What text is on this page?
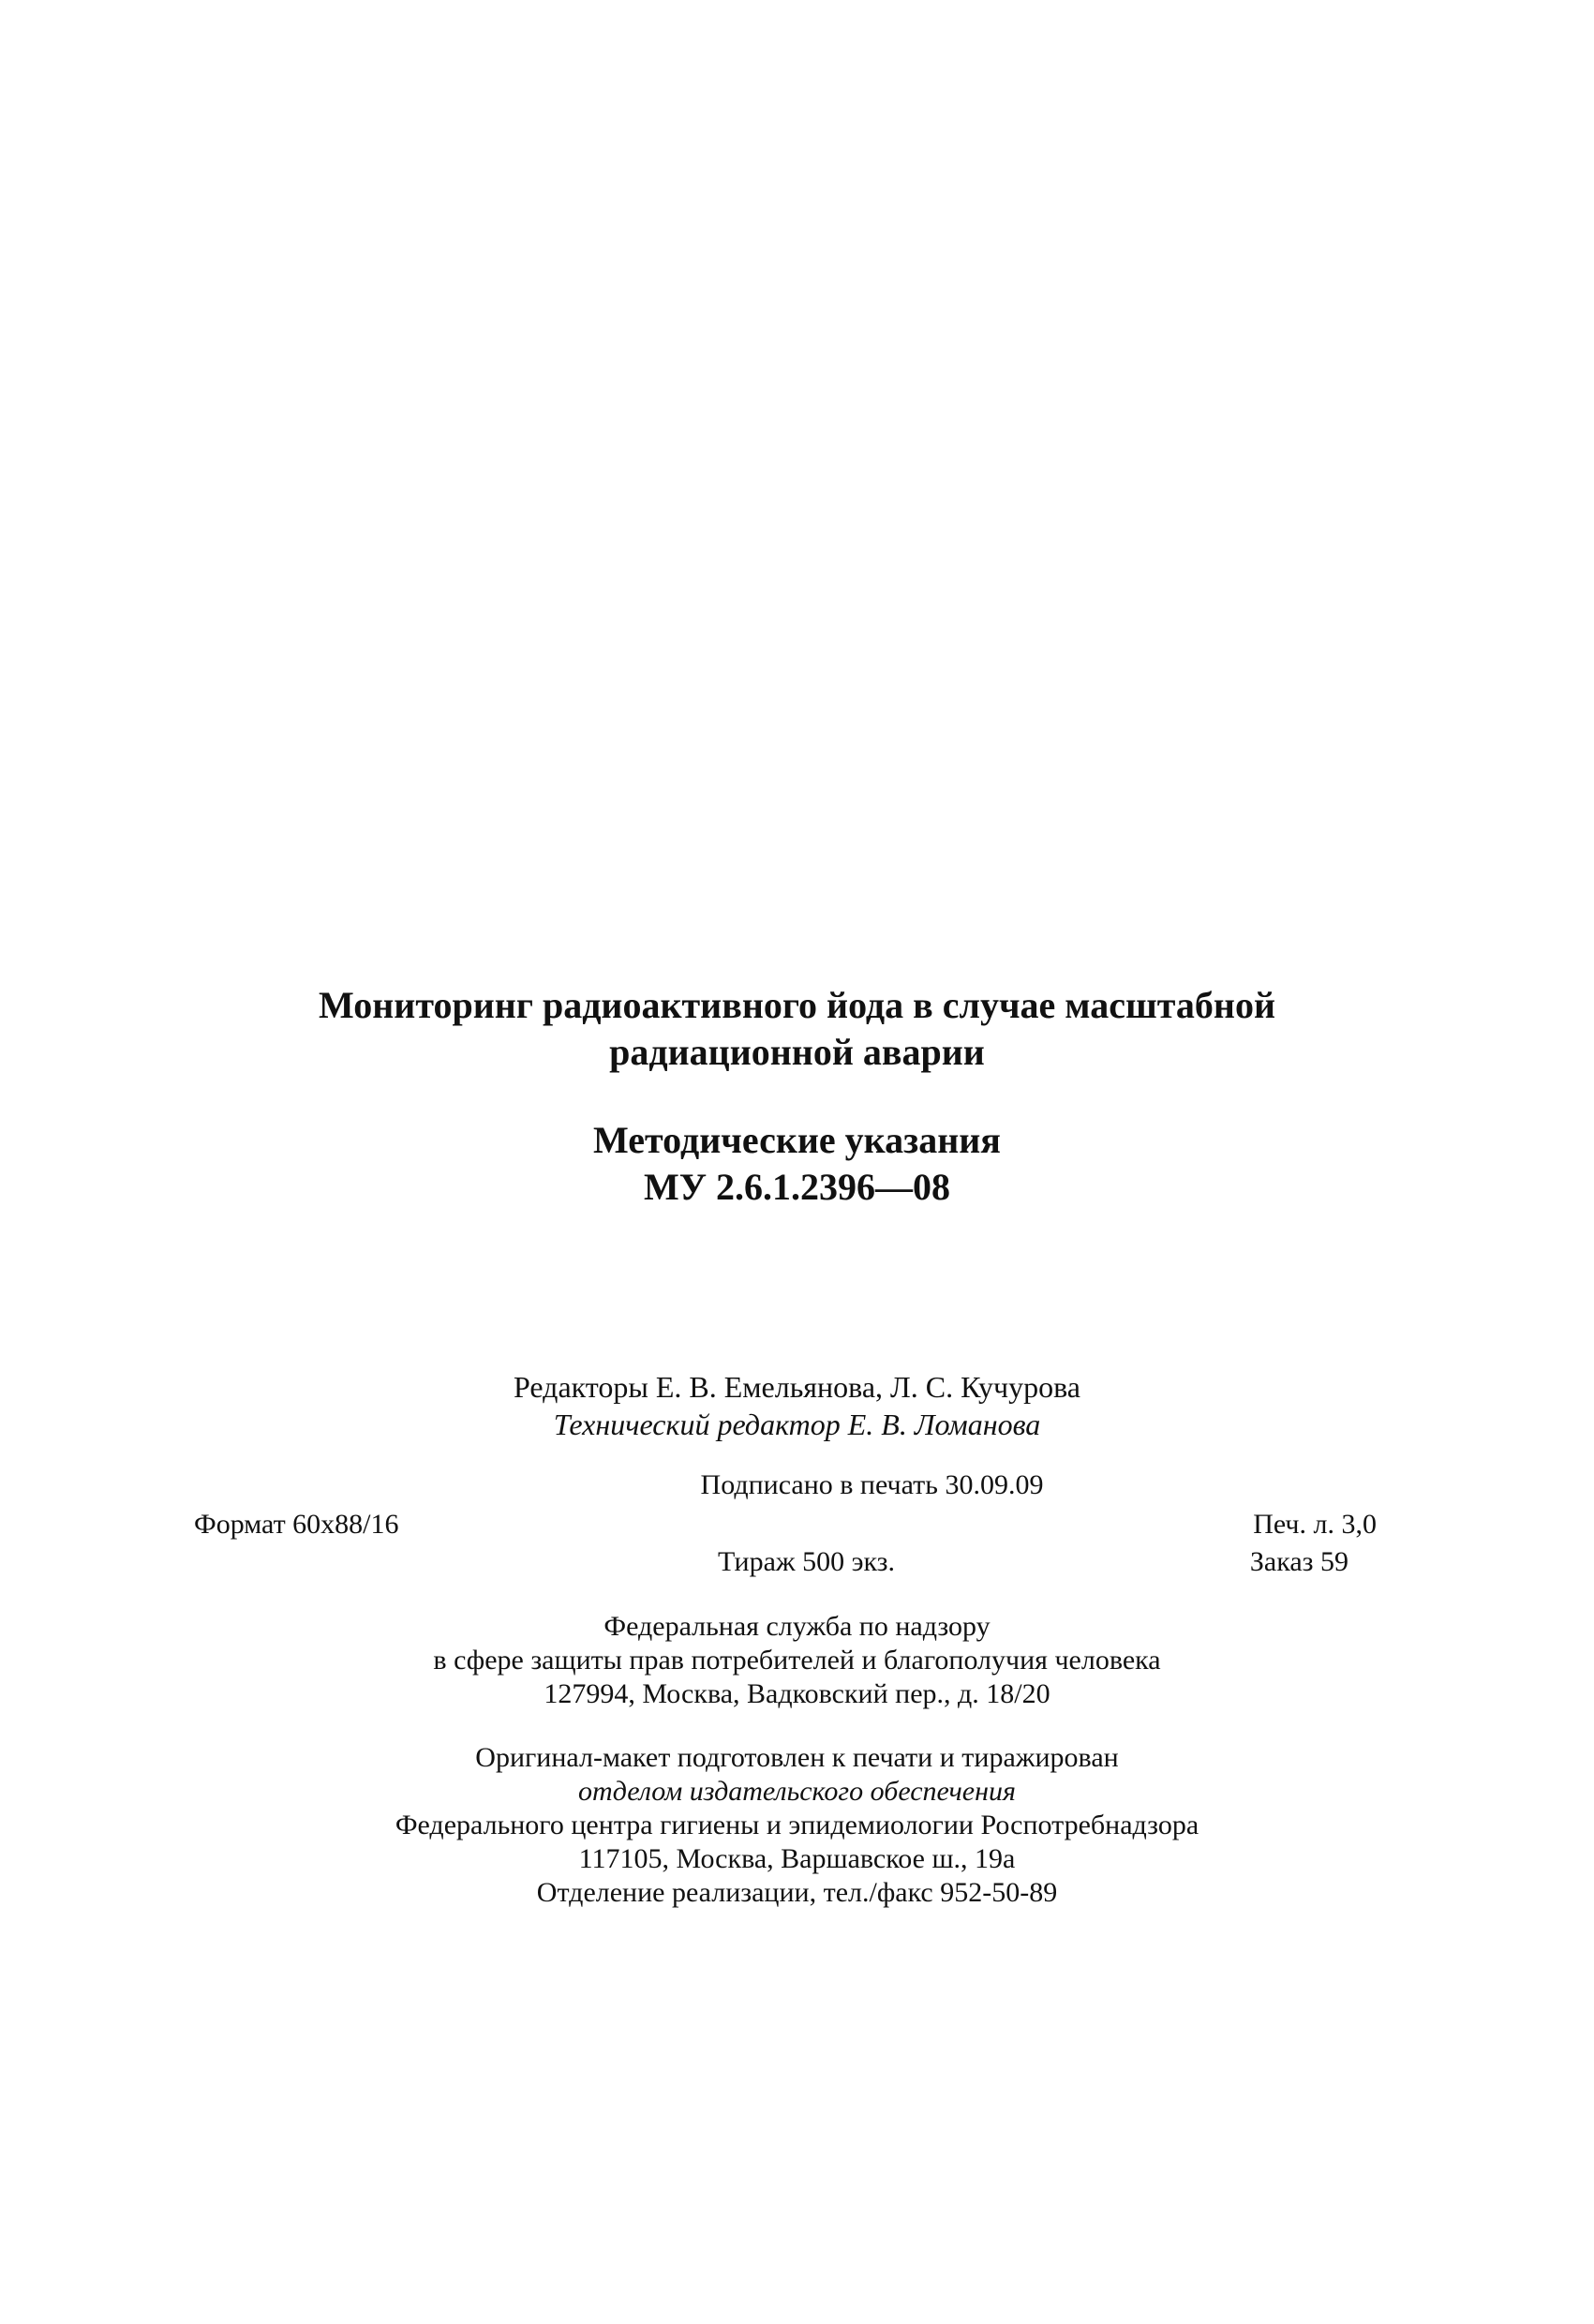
Мониторинг радиоактивного йода в случае масштабной
радиационной аварии
Методические указания
МУ 2.6.1.2396—08
Редакторы Е. В. Емельянова, Л. С. Кучурова
Технический редактор Е. В. Ломанова
Подписано в печать 30.09.09
Формат 60x88/16	Печ. л. 3,0
Тираж 500 экз.	Заказ 59
Федеральная служба по надзору
в сфере защиты прав потребителей и благополучия человека
127994, Москва, Вадковский пер., д. 18/20
Оригинал-макет подготовлен к печати и тиражирован
отделом издательского обеспечения
Федерального центра гигиены и эпидемиологии Роспотребнадзора
117105, Москва, Варшавское ш., 19а
Отделение реализации, тел./факс 952-50-89
